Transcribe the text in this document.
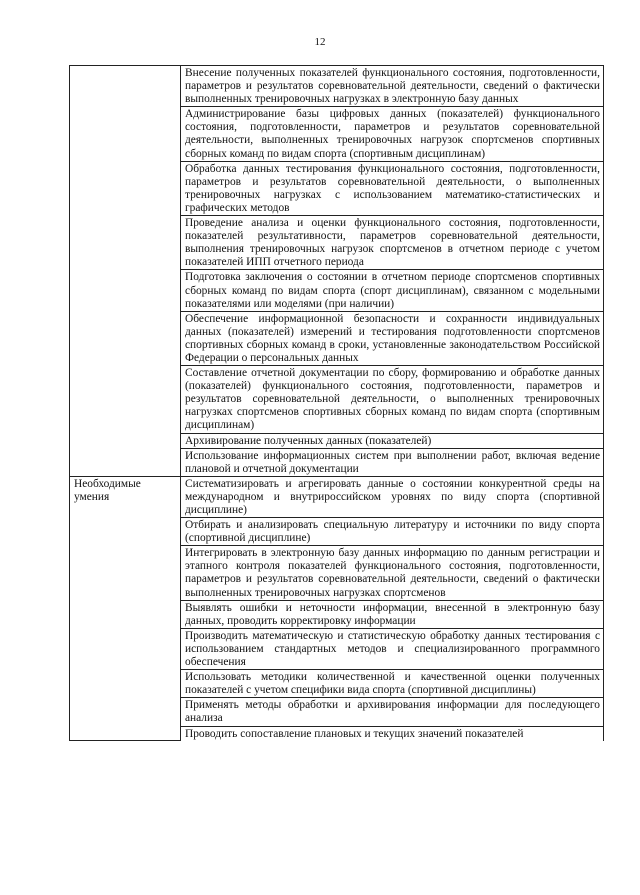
12
	Внесение полученных показателей функционального состояния, подготовленности, параметров и результатов соревновательной деятельности, сведений о фактически выполненных тренировочных нагрузках в электронную базу данных
	Администрирование базы цифровых данных (показателей) функционального состояния, подготовленности, параметров и результатов соревновательной деятельности, выполненных тренировочных нагрузок спортсменов спортивных сборных команд по видам спорта (спортивным дисциплинам)
	Обработка данных тестирования функционального состояния, подготовленности, параметров и результатов соревновательной деятельности, о выполненных тренировочных нагрузках с использованием математико-статистических и графических методов
	Проведение анализа и оценки функционального состояния, подготовленности, показателей результативности, параметров соревновательной деятельности, выполнения тренировочных нагрузок спортсменов в отчетном периоде с учетом показателей ИПП отчетного периода
	Подготовка заключения о состоянии в отчетном периоде спортсменов спортивных сборных команд по видам спорта (спорт дисциплинам), связанном с модельными показателями или моделями (при наличии)
	Обеспечение информационной безопасности и сохранности индивидуальных данных (показателей) измерений и тестирования подготовленности спортсменов спортивных сборных команд в сроки, установленные законодательством Российской Федерации о персональных данных
	Составление отчетной документации по сбору, формированию и обработке данных (показателей) функционального состояния, подготовленности, параметров и результатов соревновательной деятельности, о выполненных тренировочных нагрузках спортсменов спортивных сборных команд по видам спорта (спортивным дисциплинам)
	Архивирование полученных данных (показателей)
	Использование информационных систем при выполнении работ, включая ведение плановой и отчетной документации
Необходимые умения	Систематизировать и агрегировать данные о состоянии конкурентной среды на международном и внутрироссийском уровнях по виду спорта (спортивной дисциплине)
	Отбирать и анализировать специальную литературу и источники по виду спорта (спортивной дисциплине)
	Интегрировать в электронную базу данных информацию по данным регистрации и этапного контроля показателей функционального состояния, подготовленности, параметров и результатов соревновательной деятельности, сведений о фактически выполненных тренировочных нагрузках спортсменов
	Выявлять ошибки и неточности информации, внесенной в электронную базу данных, проводить корректировку информации
	Производить математическую и статистическую обработку данных тестирования с использованием стандартных методов и специализированного программного обеспечения
	Использовать методики количественной и качественной оценки полученных показателей с учетом специфики вида спорта (спортивной дисциплины)
	Применять методы обработки и архивирования информации для последующего анализа
	Проводить сопоставление плановых и текущих значений показателей
